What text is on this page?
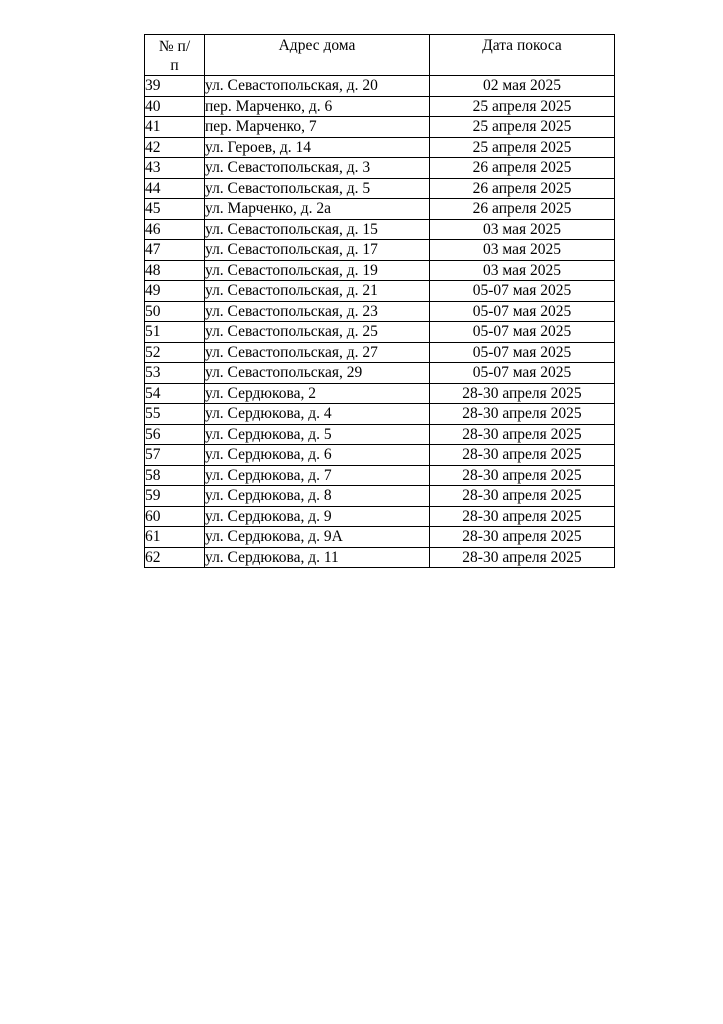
№ п/
п	Адрес дома	Дата покоса
39	ул. Севастопольская, д. 20	02 мая 2025
40	пер. Марченко, д. 6	25 апреля 2025
41	пер. Марченко, 7	25 апреля 2025
42	ул. Героев, д. 14	25 апреля 2025
43	ул. Севастопольская, д. 3	26 апреля 2025
44	ул. Севастопольская, д. 5	26 апреля 2025
45	ул. Марченко, д. 2а	26 апреля 2025
46	ул. Севастопольская, д. 15	03 мая 2025
47	ул. Севастопольская, д. 17	03 мая 2025
48	ул. Севастопольская, д. 19	03 мая 2025
49	ул. Севастопольская, д. 21	05-07 мая 2025
50	ул. Севастопольская, д. 23	05-07 мая 2025
51	ул. Севастопольская, д. 25	05-07 мая 2025
52	ул. Севастопольская, д. 27	05-07 мая 2025
53	ул. Севастопольская, 29	05-07 мая 2025
54	ул. Сердюкова, 2	28-30 апреля 2025
55	ул. Сердюкова, д. 4	28-30 апреля 2025
56	ул. Сердюкова, д. 5	28-30 апреля 2025
57	ул. Сердюкова, д. 6	28-30 апреля 2025
58	ул. Сердюкова, д. 7	28-30 апреля 2025
59	ул. Сердюкова, д. 8	28-30 апреля 2025
60	ул. Сердюкова, д. 9	28-30 апреля 2025
61	ул. Сердюкова, д. 9А	28-30 апреля 2025
62	ул. Сердюкова, д. 11	28-30 апреля 2025
